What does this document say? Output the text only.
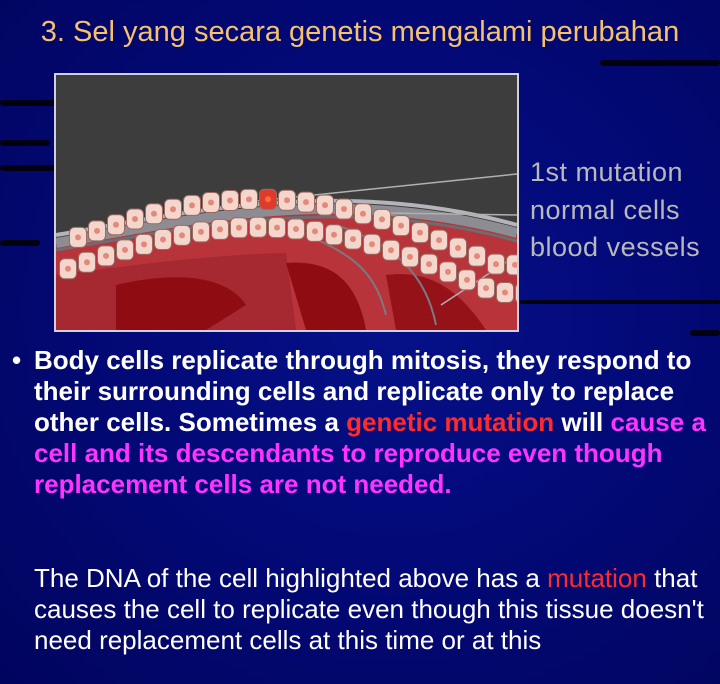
3. Sel yang secara genetis mengalami perubahan
1st mutation
normal cells
blood vessels
• Body cells replicate through mitosis, they respond to their surrounding cells and replicate only to replace other cells. Sometimes a genetic mutation will cause a cell and its descendants to reproduce even though replacement cells are not needed.
The DNA of the cell highlighted above has a mutation that causes the cell to replicate even though this tissue doesn't need replacement cells at this time or at this
